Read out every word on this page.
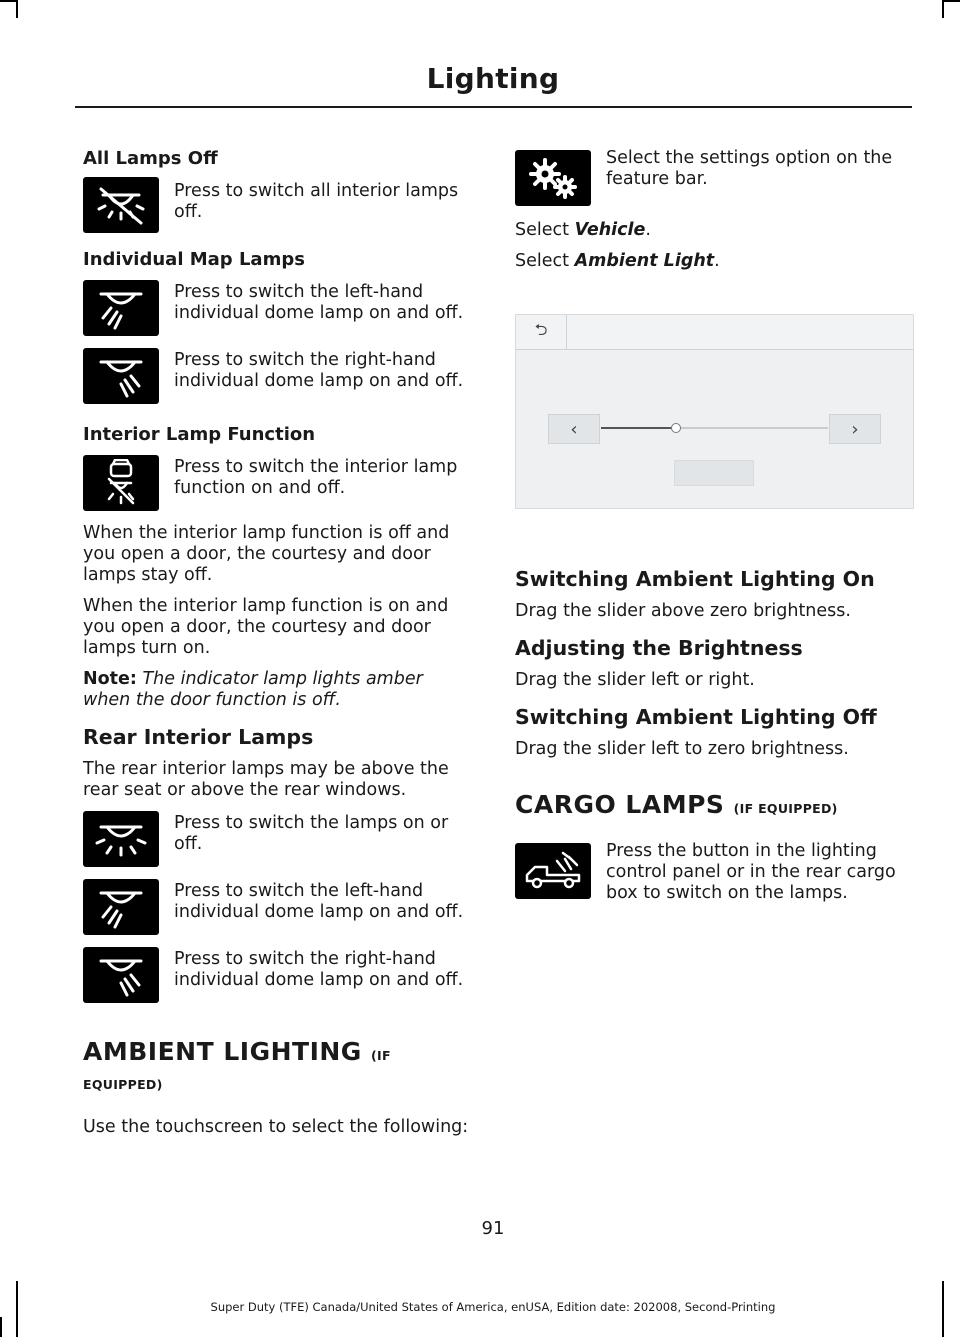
Lighting
All Lamps Off
Press to switch all interior lamps off.
Individual Map Lamps
Press to switch the left-hand individual dome lamp on and off.
Press to switch the right-hand individual dome lamp on and off.
Interior Lamp Function
Press to switch the interior lamp function on and off.

When the interior lamp function is off and you open a door, the courtesy and door lamps stay off.

When the interior lamp function is on and you open a door, the courtesy and door lamps turn on.

Note: The indicator lamp lights amber when the door function is off.

Rear Interior Lamps

The rear interior lamps may be above the rear seat or above the rear windows.

Press to switch the lamps on or off.
Press to switch the left-hand individual dome lamp on and off.
Press to switch the right-hand individual dome lamp on and off.
AMBIENT LIGHTING (IF EQUIPPED)

Use the touchscreen to select the following:

Select the settings option on the feature bar.

Select Vehicle.

Select Ambient Light.

⮌
‹	›
Switching Ambient Lighting On

Drag the slider above zero brightness.

Adjusting the Brightness

Drag the slider left or right.

Switching Ambient Lighting Off

Drag the slider left to zero brightness.

CARGO LAMPS (IF EQUIPPED)
Press the button in the lighting control panel or in the rear cargo box to switch on the lamps.
91
Super Duty (TFE) Canada/United States of America, enUSA, Edition date: 202008, Second-Printing
